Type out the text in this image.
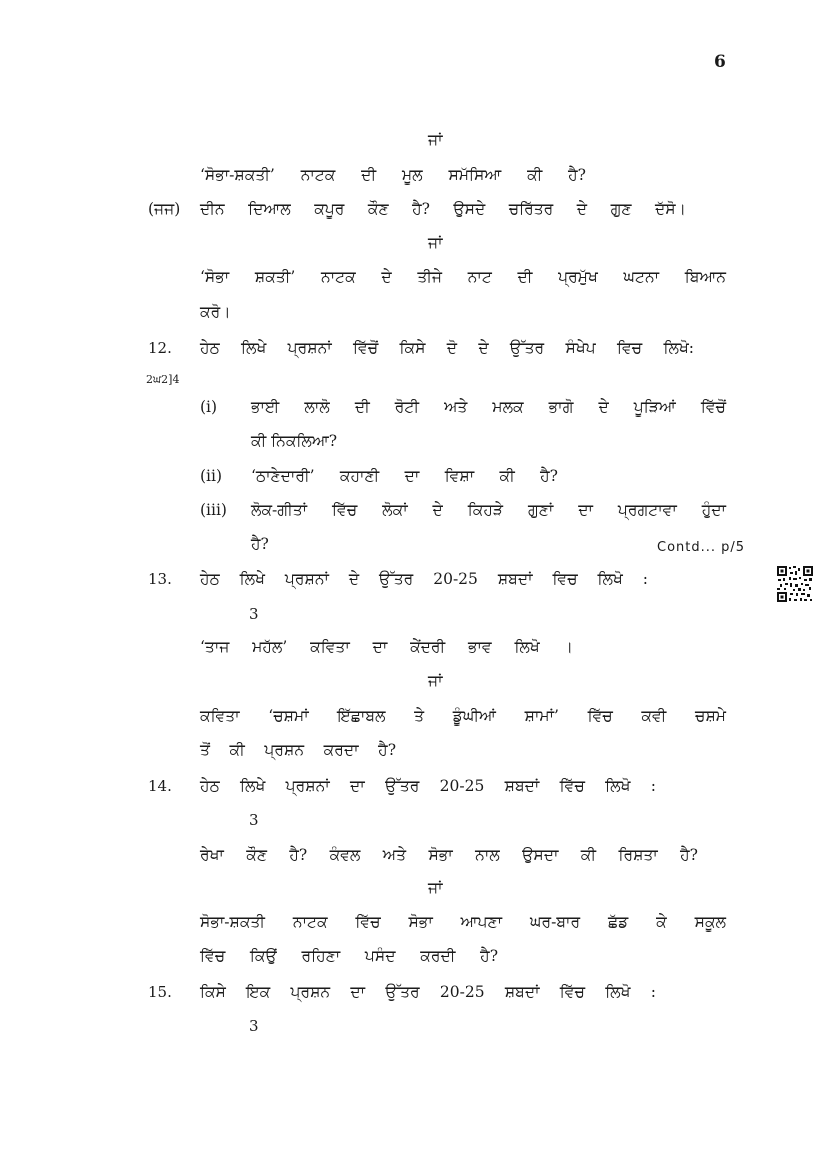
6
ਜਾਂ
‘ਸੋਭਾ-ਸ਼ਕਤੀ’ ਨਾਟਕ ਦੀ ਮੂਲ ਸਮੱਸਿਆ ਕੀ ਹੈ?
(ਜਜ) ਦੀਨ ਦਿਆਲ ਕਪੂਰ ਕੌਣ ਹੈ? ਉਸਦੇ ਚਰਿੱਤਰ ਦੇ ਗੁਣ ਦੱਸੋ।
ਜਾਂ
‘ਸੋਭਾ ਸ਼ਕਤੀ’ ਨਾਟਕ ਦੇ ਤੀਜੇ ਨਾਟ ਦੀ ਪ੍ਰਮੁੱਖ ਘਟਨਾ ਬਿਆਨ
ਕਰੋ।
12. ਹੇਠ ਲਿਖੇ ਪ੍ਰਸ਼ਨਾਂ ਵਿੱਚੋਂ ਕਿਸੇ ਦੋ ਦੇ ਉੱਤਰ ਸੰਖੇਪ ਵਿਚ ਲਿਖੋ:
2ਘ2]4
(i) ਭਾਈ ਲਾਲੋ ਦੀ ਰੋਟੀ ਅਤੇ ਮਲਕ ਭਾਗੋ ਦੇ ਪੂੜਿਆਂ ਵਿੱਚੋਂ
ਕੀ ਨਿਕਲਿਆ?
(ii) ‘ਠਾਣੇਦਾਰੀ’ ਕਹਾਣੀ ਦਾ ਵਿਸ਼ਾ ਕੀ ਹੈ?
(iii) ਲੋਕ-ਗੀਤਾਂ ਵਿੱਚ ਲੋਕਾਂ ਦੇ ਕਿਹੜੇ ਗੁਣਾਂ ਦਾ ਪ੍ਰਗਟਾਵਾ ਹੁੰਦਾ
ਹੈ?	Contd... p/5
13. ਹੇਠ ਲਿਖੇ ਪ੍ਰਸ਼ਨਾਂ ਦੇ ਉੱਤਰ 20-25 ਸ਼ਬਦਾਂ ਵਿਚ ਲਿਖੋ :
3
‘ਤਾਜ ਮਹੱਲ’ ਕਵਿਤਾ ਦਾ ਕੇਂਦਰੀ ਭਾਵ ਲਿਖੋ ।
ਜਾਂ
ਕਵਿਤਾ ‘ਚਸ਼ਮਾਂ ਇੱਛਾਬਲ ਤੇ ਡੂੰਘੀਆਂ ਸ਼ਾਮਾਂ’ ਵਿੱਚ ਕਵੀ ਚਸ਼ਮੇ
ਤੋਂ ਕੀ ਪ੍ਰਸ਼ਨ ਕਰਦਾ ਹੈ?
14. ਹੇਠ ਲਿਖੇ ਪ੍ਰਸ਼ਨਾਂ ਦਾ ਉੱਤਰ 20-25 ਸ਼ਬਦਾਂ ਵਿੱਚ ਲਿਖੋ :
3
ਰੇਖਾ ਕੌਣ ਹੈ? ਕੰਵਲ ਅਤੇ ਸੋਭਾ ਨਾਲ ਉਸਦਾ ਕੀ ਰਿਸ਼ਤਾ ਹੈ?
ਜਾਂ
ਸੋਭਾ-ਸ਼ਕਤੀ ਨਾਟਕ ਵਿੱਚ ਸੋਭਾ ਆਪਣਾ ਘਰ-ਬਾਰ ਛੱਡ ਕੇ ਸਕੂਲ
ਵਿੱਚ ਕਿਉਂ ਰਹਿਣਾ ਪਸੰਦ ਕਰਦੀ ਹੈ?
15. ਕਿਸੇ ਇਕ ਪ੍ਰਸ਼ਨ ਦਾ ਉੱਤਰ 20-25 ਸ਼ਬਦਾਂ ਵਿੱਚ ਲਿਖੋ :
3
